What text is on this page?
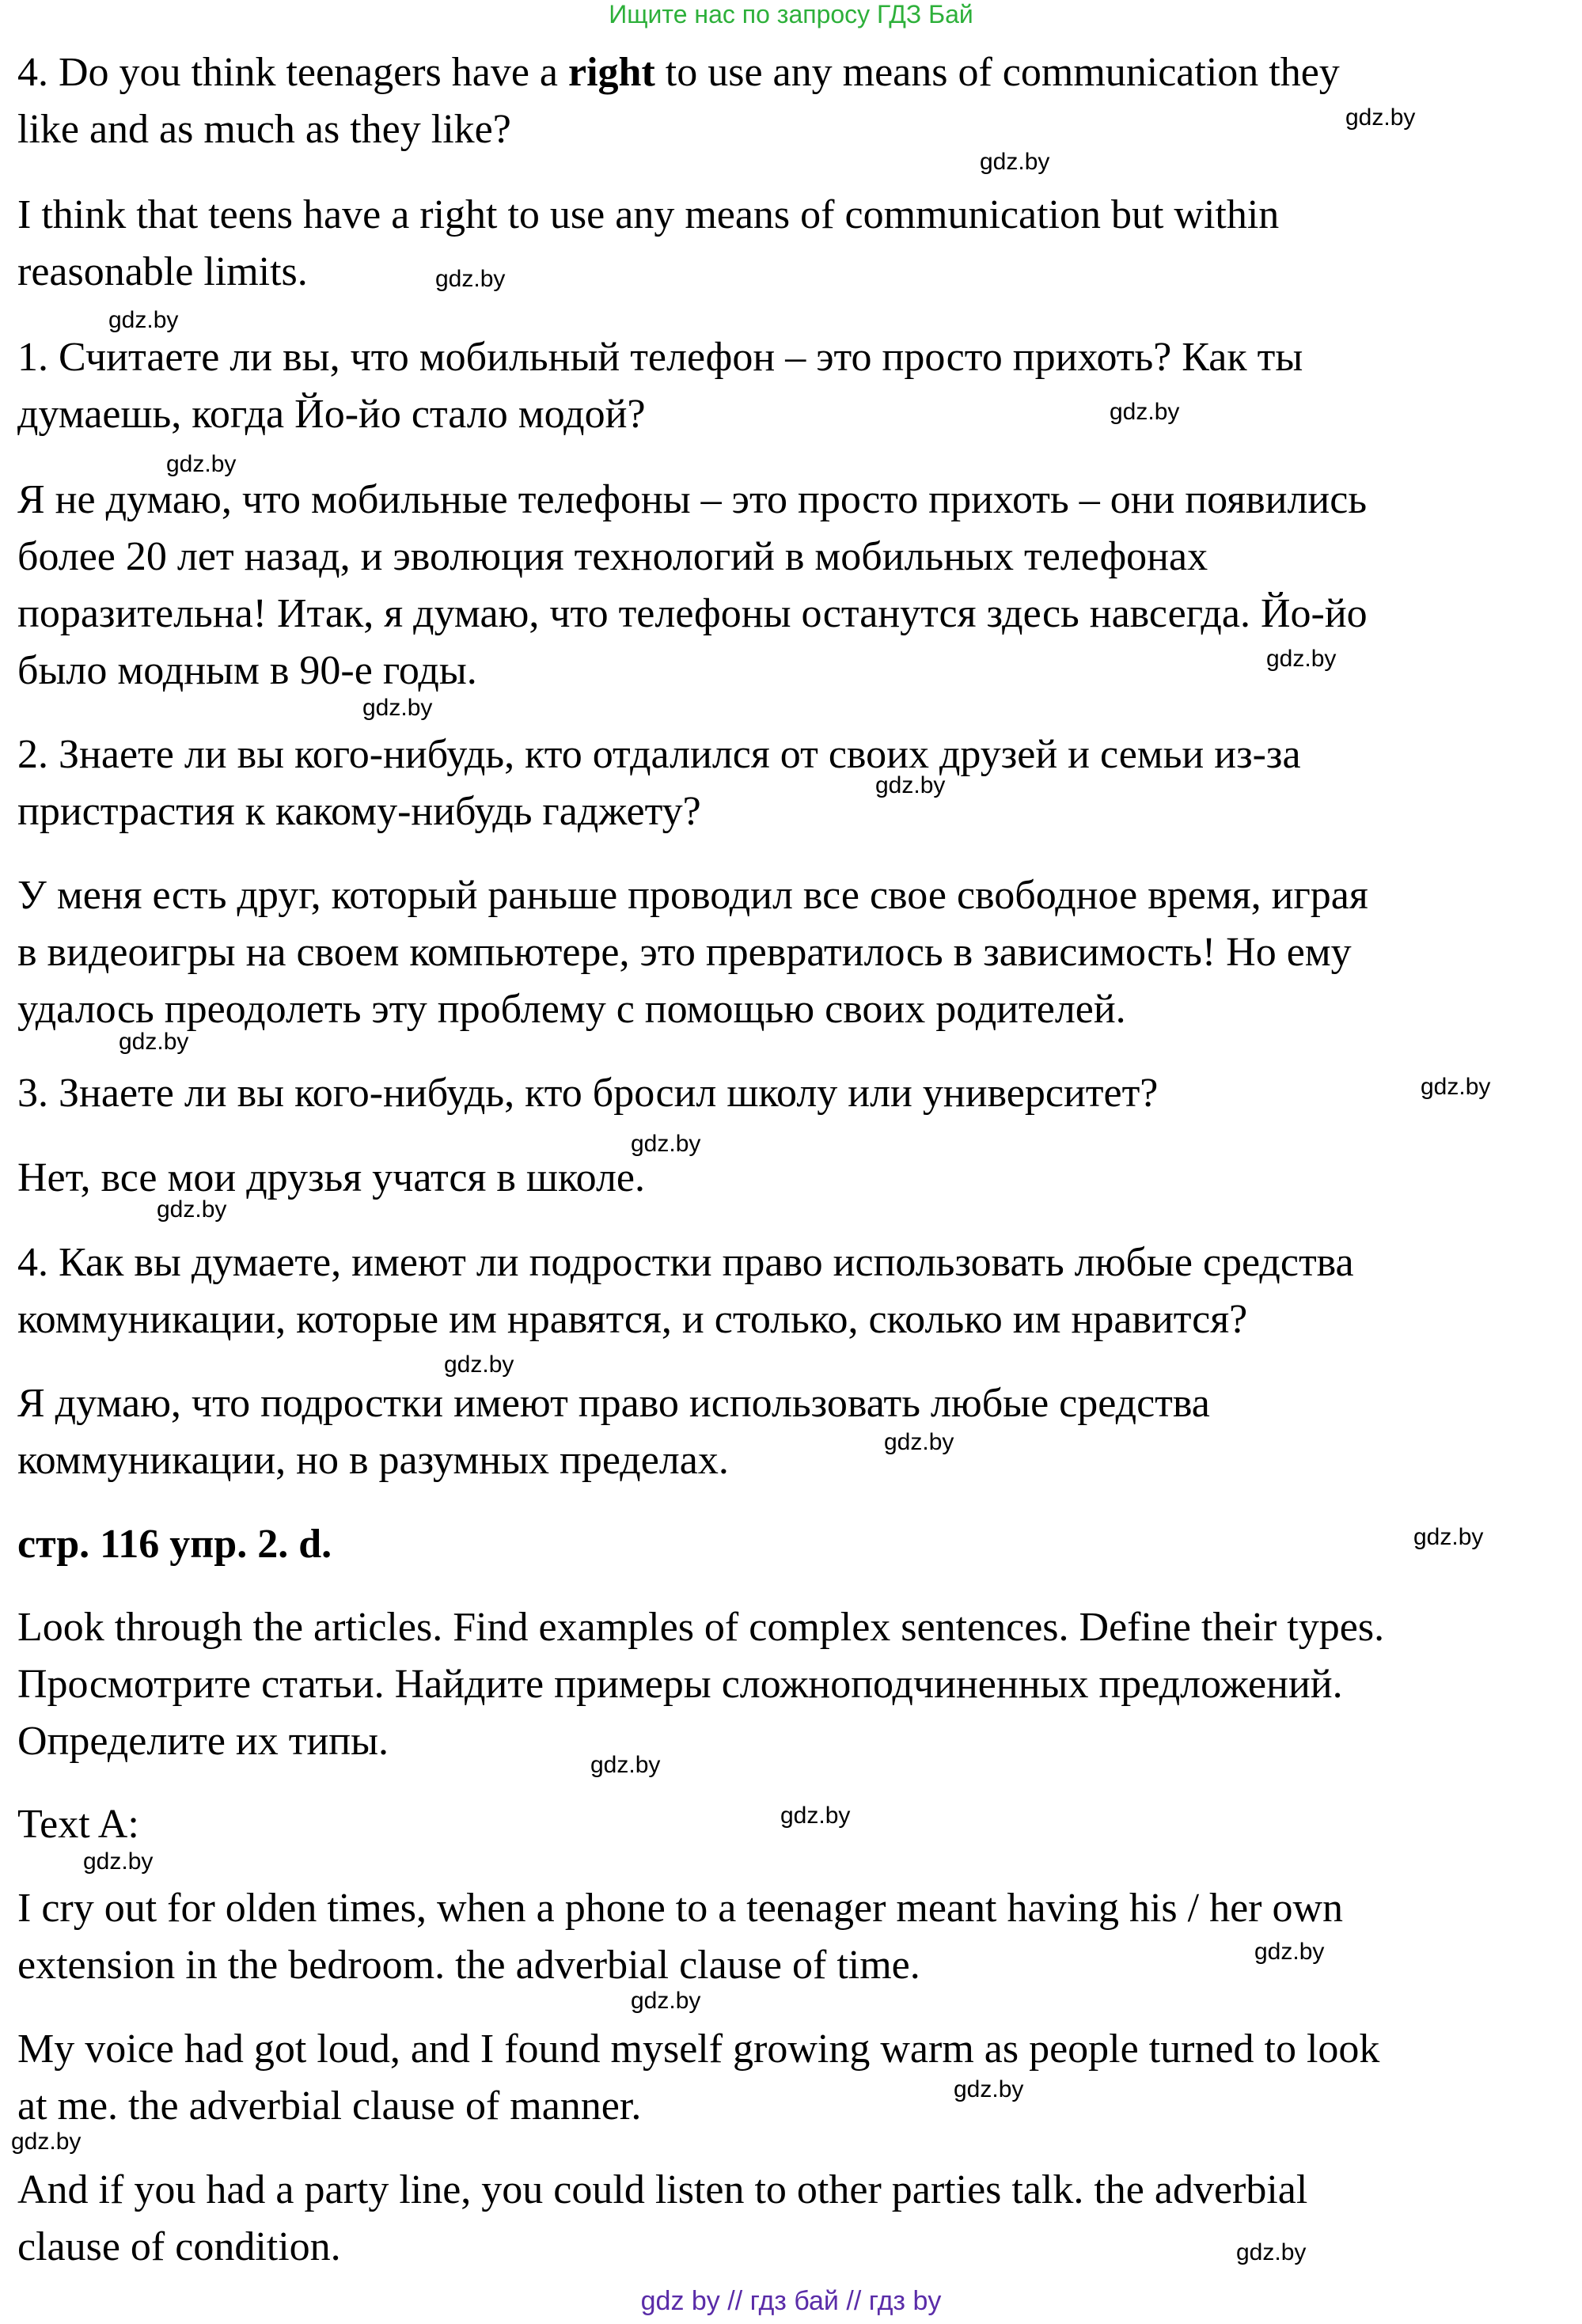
Ищите нас по запросу ГДЗ Бай
4. Do you think teenagers have a right to use any means of communication they
like and as much as they like?
I think that teens have a right to use any means of communication but within
reasonable limits.
1. Считаете ли вы, что мобильный телефон – это просто прихоть? Как ты
думаешь, когда Йо-йо стало модой?
Я не думаю, что мобильные телефоны – это просто прихоть – они появились
более 20 лет назад, и эволюция технологий в мобильных телефонах
поразительна! Итак, я думаю, что телефоны останутся здесь навсегда. Йо-йо
было модным в 90-е годы.
2. Знаете ли вы кого-нибудь, кто отдалился от своих друзей и семьи из-за
пристрастия к какому-нибудь гаджету?
У меня есть друг, который раньше проводил все свое свободное время, играя
в видеоигры на своем компьютере, это превратилось в зависимость! Но ему
удалось преодолеть эту проблему с помощью своих родителей.
3. Знаете ли вы кого-нибудь, кто бросил школу или университет?
Нет, все мои друзья учатся в школе.
4. Как вы думаете, имеют ли подростки право использовать любые средства
коммуникации, которые им нравятся, и столько, сколько им нравится?
Я думаю, что подростки имеют право использовать любые средства
коммуникации, но в разумных пределах.
стр. 116 упр. 2. d.
Look through the articles. Find examples of complex sentences. Define their types.
Просмотрите статьи. Найдите примеры сложноподчиненных предложений.
Определите их типы.
Text A:
I cry out for olden times, when a phone to a teenager meant having his / her own
extension in the bedroom. the adverbial clause of time.
My voice had got loud, and I found myself growing warm as people turned to look
at me. the adverbial clause of manner.
And if you had a party line, you could listen to other parties talk. the adverbial
clause of condition.
gdz.by
gdz.by
gdz.by
gdz.by
gdz.by
gdz.by
gdz.by
gdz.by
gdz.by
gdz.by
gdz.by
gdz.by
gdz.by
gdz.by
gdz.by
gdz.by
gdz.by
gdz.by
gdz.by
gdz.by
gdz.by
gdz.by
gdz.by
gdz.by
gdz by // гдз бай // гдз by
